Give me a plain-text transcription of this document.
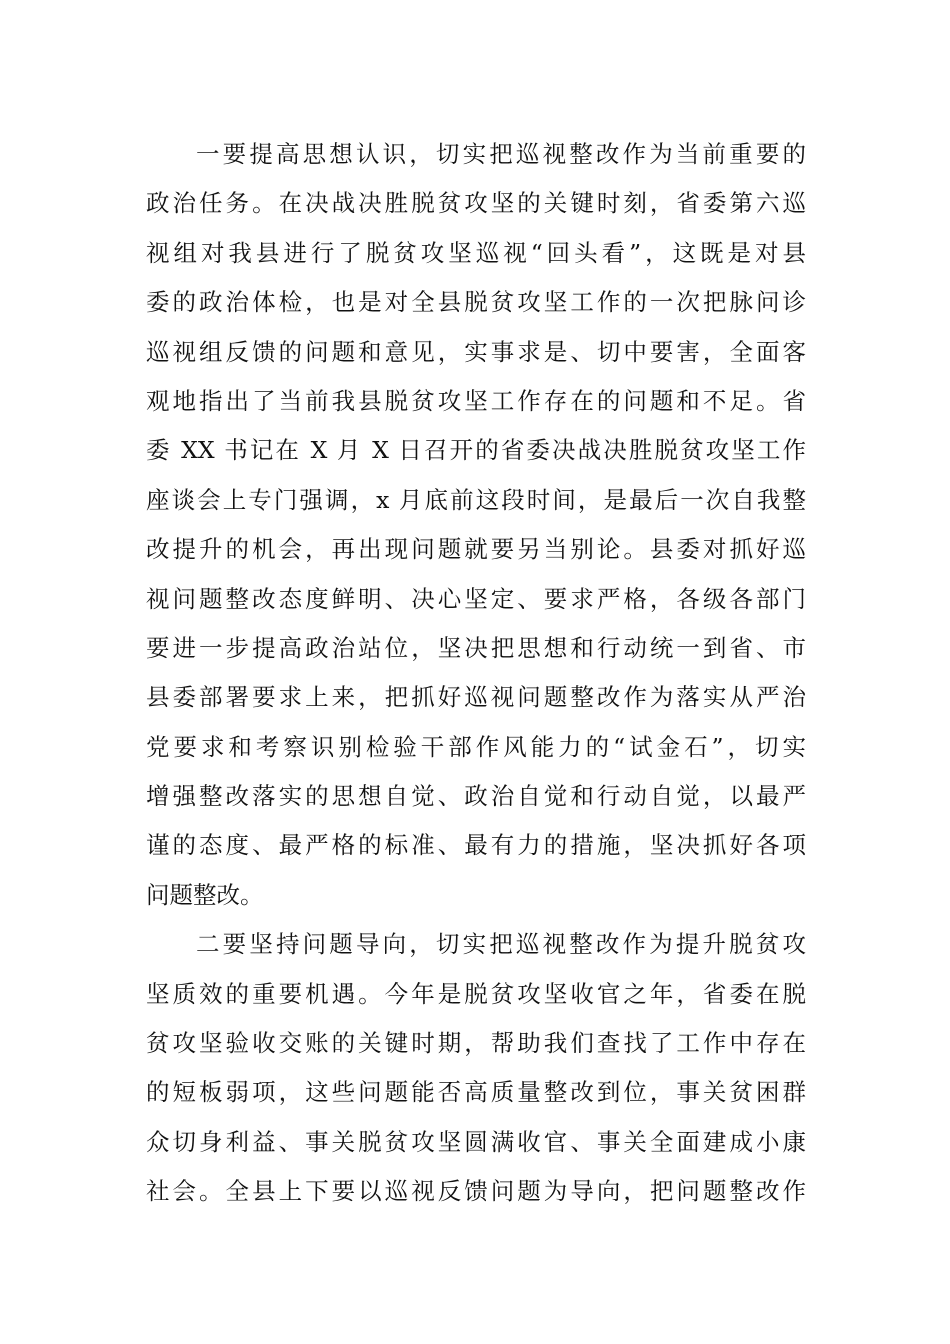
一要提高思想认识，切实把巡视整改作为当前重要的
政治任务。在决战决胜脱贫攻坚的关键时刻，省委第六巡
视组对我县进行了脱贫攻坚巡视“回头看”，这既是对县
委的政治体检，也是对全县脱贫攻坚工作的一次把脉问诊
巡视组反馈的问题和意见，实事求是、切中要害，全面客
观地指出了当前我县脱贫攻坚工作存在的问题和不足。省
委 XX 书记在 X 月 X 日召开的省委决战决胜脱贫攻坚工作
座谈会上专门强调，x 月底前这段时间，是最后一次自我整
改提升的机会，再出现问题就要另当别论。县委对抓好巡
视问题整改态度鲜明、决心坚定、要求严格，各级各部门
要进一步提高政治站位，坚决把思想和行动统一到省、市
县委部署要求上来，把抓好巡视问题整改作为落实从严治
党要求和考察识别检验干部作风能力的“试金石”，切实
增强整改落实的思想自觉、政治自觉和行动自觉，以最严
谨的态度、最严格的标准、最有力的措施，坚决抓好各项
问题整改。
二要坚持问题导向，切实把巡视整改作为提升脱贫攻
坚质效的重要机遇。今年是脱贫攻坚收官之年，省委在脱
贫攻坚验收交账的关键时期，帮助我们查找了工作中存在
的短板弱项，这些问题能否高质量整改到位，事关贫困群
众切身利益、事关脱贫攻坚圆满收官、事关全面建成小康
社会。全县上下要以巡视反馈问题为导向，把问题整改作
